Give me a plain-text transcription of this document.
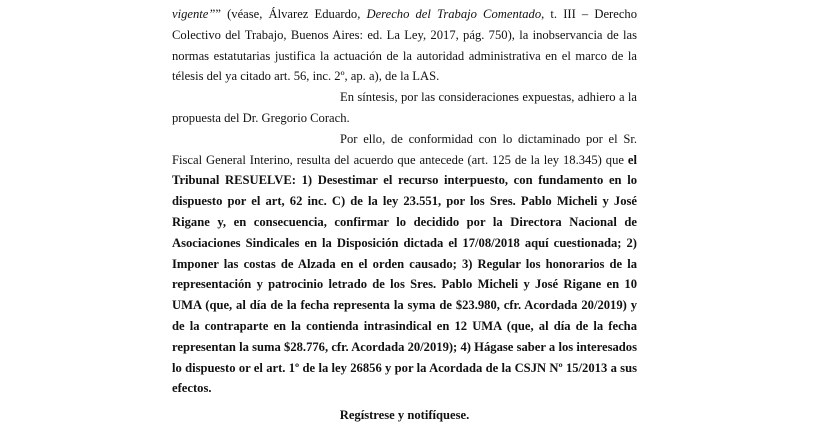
vigente”” (véase, Álvarez Eduardo, Derecho del Trabajo Comentado, t. III – Derecho Colectivo del Trabajo, Buenos Aires: ed. La Ley, 2017, pág. 750), la inobservancia de las normas estatutarias justifica la actuación de la autoridad administrativa en el marco de la télesis del ya citado art. 56, inc. 2º, ap. a), de la LAS.

En síntesis, por las consideraciones expuestas, adhiero a la propuesta del Dr. Gregorio Corach.

Por ello, de conformidad con lo dictaminado por el Sr. Fiscal General Interino, resulta del acuerdo que antecede (art. 125 de la ley 18.345) que el Tribunal RESUELVE: 1) Desestimar el recurso interpuesto, con fundamento en lo dispuesto por el art, 62 inc. C) de la ley 23.551, por los Sres. Pablo Micheli y José Rigane y, en consecuencia, confirmar lo decidido por la Directora Nacional de Asociaciones Sindicales en la Disposición dictada el 17/08/2018 aquí cuestionada; 2) Imponer las costas de Alzada en el orden causado; 3) Regular los honorarios de la representación y patrocinio letrado de los Sres. Pablo Micheli y José Rigane en 10 UMA (que, al día de la fecha representa la syma de $23.980, cfr. Acordada 20/2019) y de la contraparte en la contienda intrasindical en 12 UMA (que, al día de la fecha representan la suma $28.776, cfr. Acordada 20/2019); 4) Hágase saber a los interesados lo dispuesto or el art. 1º de la ley 26856 y por la Acordada de la CSJN Nº 15/2013 a sus efectos.

Regístrese y notifíquese.
